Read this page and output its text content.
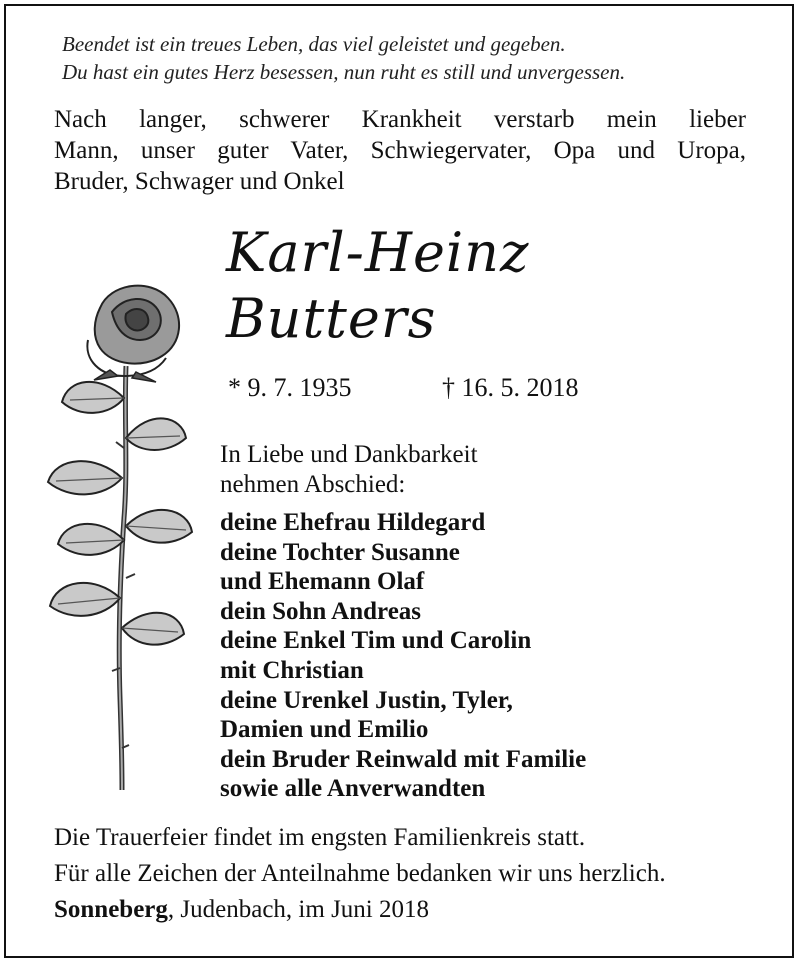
Beendet ist ein treues Leben, das viel geleistet und gegeben.
Du hast ein gutes Herz besessen, nun ruht es still und unvergessen.
Nach langer, schwerer Krankheit verstarb mein lieber
Mann, unser guter Vater, Schwiegervater, Opa und Uropa,
Bruder, Schwager und Onkel
Karl-Heinz
Butters
* 9. 7. 1935	† 16. 5. 2018
In Liebe und Dankbarkeit
nehmen Abschied:
deine Ehefrau Hildegard
deine Tochter Susanne
und Ehemann Olaf
dein Sohn Andreas
deine Enkel Tim und Carolin
mit Christian
deine Urenkel Justin, Tyler,
Damien und Emilio
dein Bruder Reinwald mit Familie
sowie alle Anverwandten
Die Trauerfeier findet im engsten Familienkreis statt.
Für alle Zeichen der Anteilnahme bedanken wir uns herzlich.
Sonneberg, Judenbach, im Juni 2018
